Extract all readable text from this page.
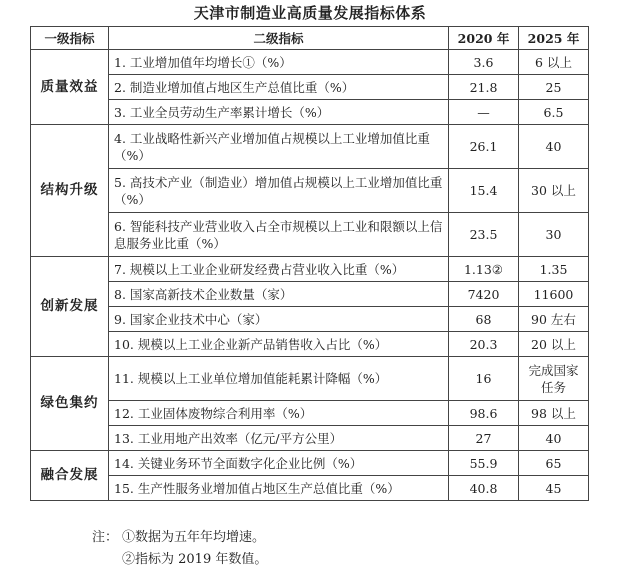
天津市制造业高质量发展指标体系
一级指标	二级指标	2020 年	2025 年
质量效益	1. 工业增加值年均增长①（%）	3.6	6 以上
	2. 制造业增加值占地区生产总值比重（%）	21.8	25
	3. 工业全员劳动生产率累计增长（%）	—	6.5
结构升级	4. 工业战略性新兴产业增加值占规模以上工业增加值比重（%）	26.1	40
	5. 高技术产业（制造业）增加值占规模以上工业增加值比重（%）	15.4	30 以上
	6. 智能科技产业营业收入占全市规模以上工业和限额以上信息服务业比重（%）	23.5	30
创新发展	7. 规模以上工业企业研发经费占营业收入比重（%）	1.13②	1.35
	8. 国家高新技术企业数量（家）	7420	11600
	9. 国家企业技术中心（家）	68	90 左右
	10. 规模以上工业企业新产品销售收入占比（%）	20.3	20 以上
绿色集约	11. 规模以上工业单位增加值能耗累计降幅（%）	16	完成国家任务
	12. 工业固体废物综合利用率（%）	98.6	98 以上
	13. 工业用地产出效率（亿元/平方公里）	27	40
融合发展	14. 关键业务环节全面数字化企业比例（%）	55.9	65
	15. 生产性服务业增加值占地区生产总值比重（%）	40.8	45
注： ①数据为五年年均增速。
②指标为 2019 年数值。
